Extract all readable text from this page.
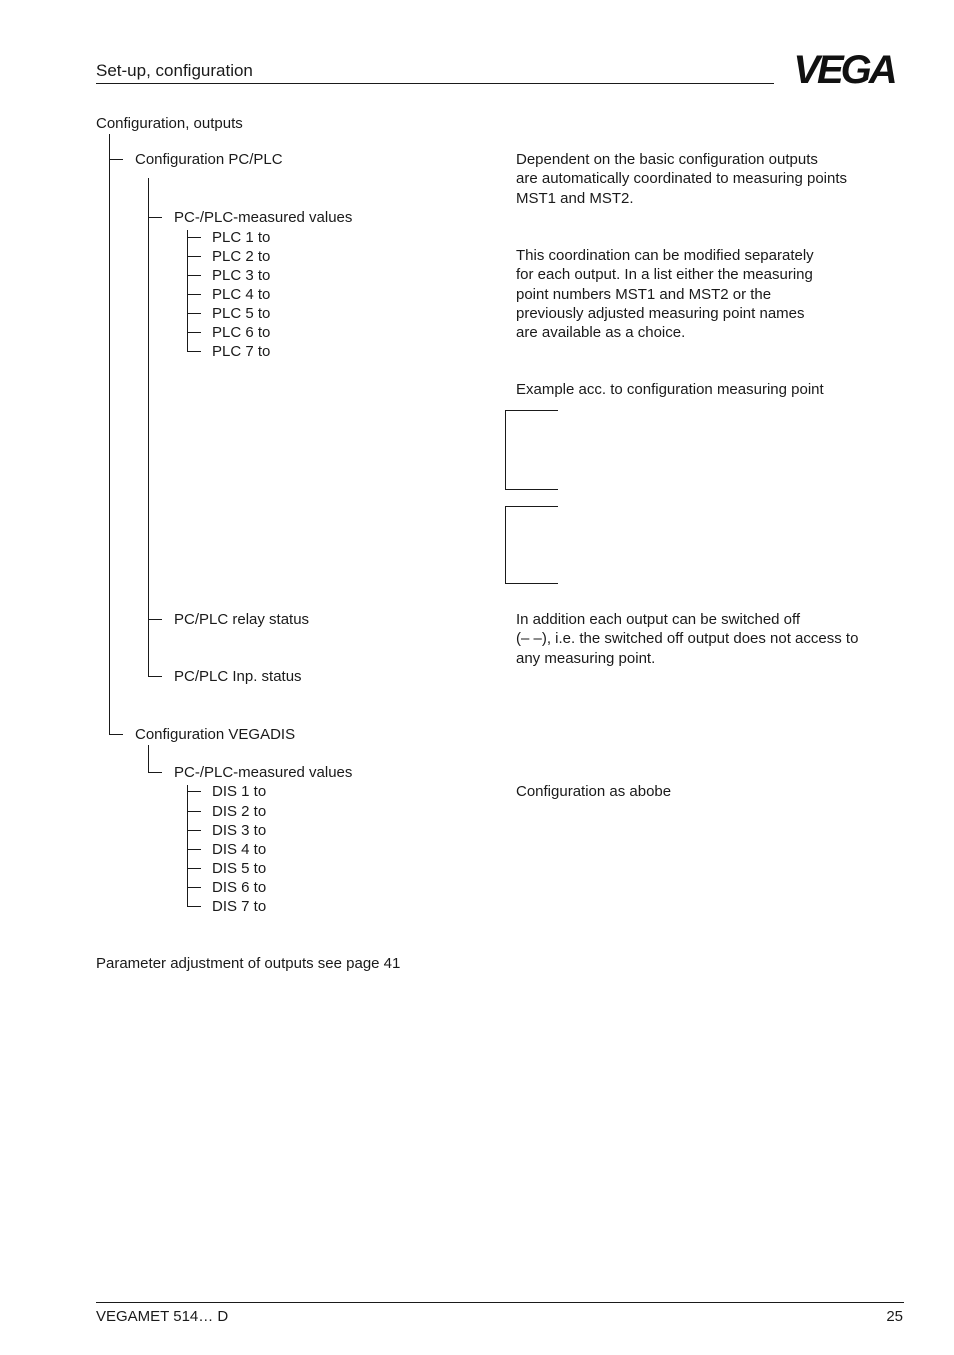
Set-up, configuration	VEGA
Configuration, outputs
Configuration PC/PLC
Configuration VEGADIS
PC-/PLC-measured values
PC/PLC relay status
PC/PLC Inp. status
PLC 1 to
PLC 2 to
PLC 3 to
PLC 4 to
PLC 5 to
PLC 6 to
PLC 7 to
PC-/PLC-measured values
DIS 1 to
DIS 2 to
DIS 3 to
DIS 4 to
DIS 5 to
DIS 6 to
DIS 7 to
Dependent on the basic configuration outputs
are automatically coordinated to measuring points
MST1 and MST2.
This coordination can be modified separately
for each output. In a list either the measuring
point numbers MST1 and MST2 or the
previously adjusted measuring point names
are available as a choice.
Example acc. to configuration measuring point
In addition each output can be switched off
(– –), i.e. the switched off output does not access to
any measuring point.
Configuration as abobe
Parameter adjustment of outputs see page 41
VEGAMET 514… D	25
